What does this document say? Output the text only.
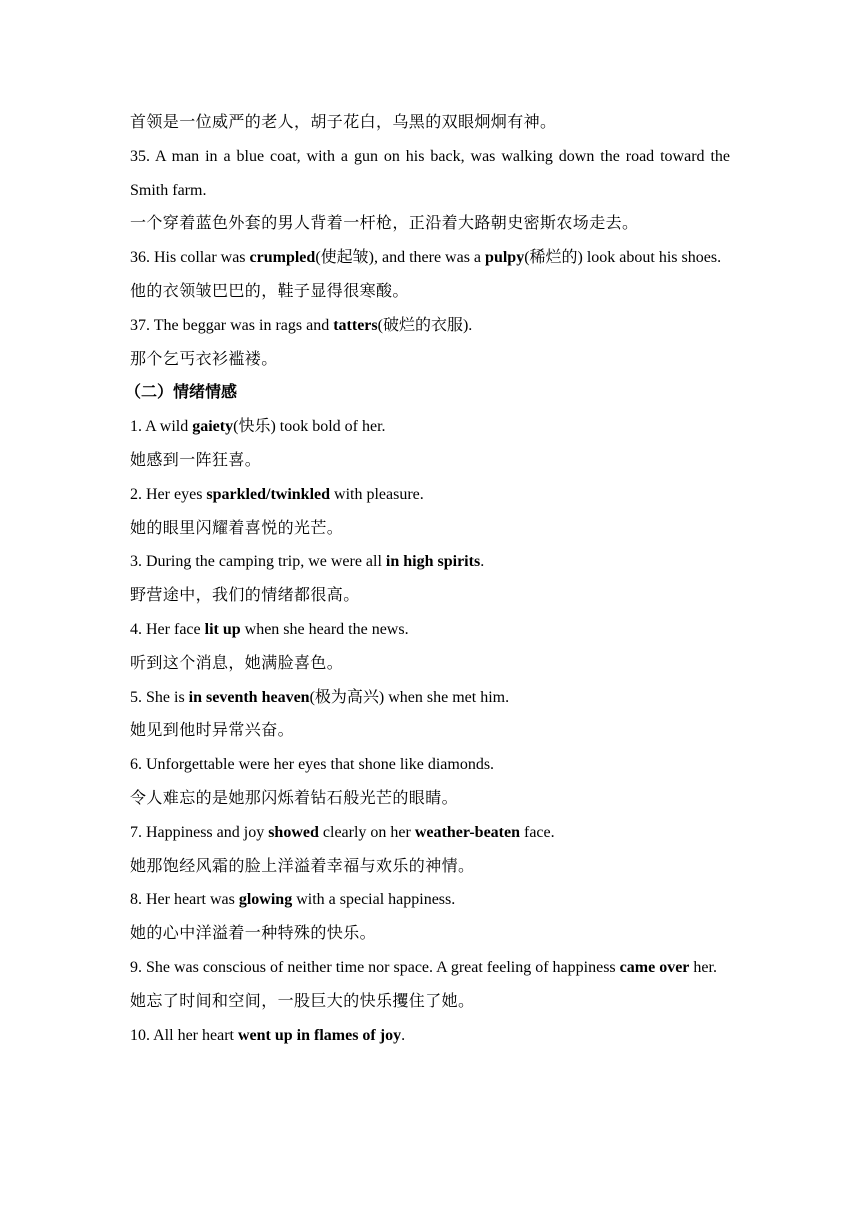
首领是一位威严的老人，胡子花白，乌黑的双眼炯炯有神。
35. A man in a blue coat, with a gun on his back, was walking down the road toward the Smith farm.
一个穿着蓝色外套的男人背着一杆枪，正沿着大路朝史密斯农场走去。
36. His collar was crumpled(使起皱), and there was a pulpy(稀烂的) look about his shoes.
他的衣领皱巴巴的，鞋子显得很寒酸。
37. The beggar was in rags and tatters(破烂的衣服).
那个乞丐衣衫褴褛。
（二）情绪情感
1. A wild gaiety(快乐) took bold of her.
她感到一阵狂喜。
2. Her eyes sparkled/twinkled with pleasure.
她的眼里闪耀着喜悦的光芒。
3. During the camping trip, we were all in high spirits.
野营途中，我们的情绪都很高。
4. Her face lit up when she heard the news.
听到这个消息，她满脸喜色。
5. She is in seventh heaven(极为高兴) when she met him.
她见到他时异常兴奋。
6. Unforgettable were her eyes that shone like diamonds.
令人难忘的是她那闪烁着钻石般光芒的眼睛。
7. Happiness and joy showed clearly on her weather-beaten face.
她那饱经风霜的脸上洋溢着幸福与欢乐的神情。
8. Her heart was glowing with a special happiness.
她的心中洋溢着一种特殊的快乐。
9. She was conscious of neither time nor space. A great feeling of happiness came over her.
她忘了时间和空间，一股巨大的快乐攫住了她。
10. All her heart went up in flames of joy.
